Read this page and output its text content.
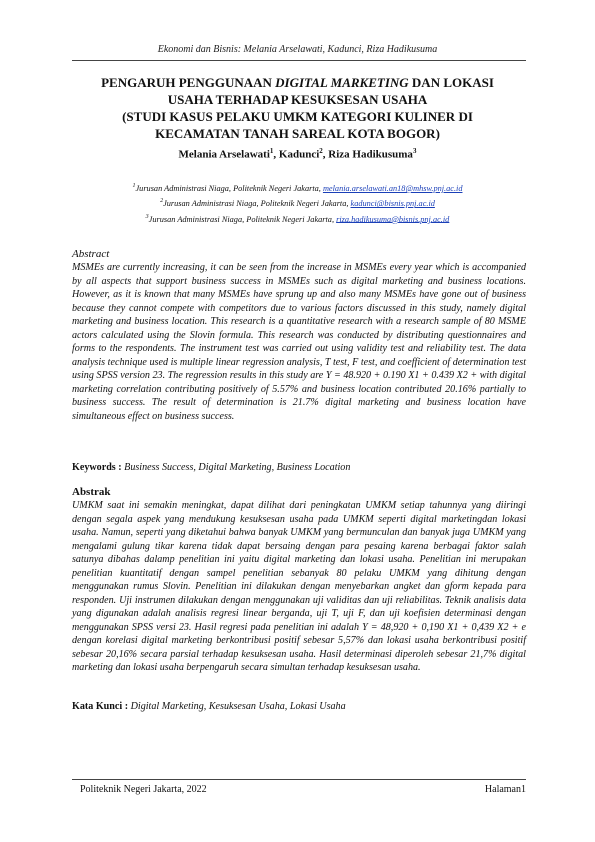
Ekonomi dan Bisnis: Melania Arselawati, Kadunci, Riza Hadikusuma
PENGARUH PENGGUNAAN DIGITAL MARKETING DAN LOKASI
USAHA TERHADAP KESUKSESAN USAHA
(STUDI KASUS PELAKU UMKM KATEGORI KULINER DI
KECAMATAN TANAH SAREAL KOTA BOGOR)
Melania Arselawati$^1$, Kadunci$^2$, Riza Hadikusuma$^3$
$^1$Jurusan Administrasi Niaga, Politeknik Negeri Jakarta, melania.arselawati.an18@mhsw.pnj.ac.id
$^2$Jurusan Administrasi Niaga, Politeknik Negeri Jakarta, kadunci@bisnis.pnj.ac.id
$^3$Jurusan Administrasi Niaga, Politeknik Negeri Jakarta, riza.hadikusuma@bisnis.pnj.ac.id
Abstract
MSMEs are currently increasing, it can be seen from the increase in MSMEs every year which is accompanied by all aspects that support business success in MSMEs such as digital marketing and business locations. However, as it is known that many MSMEs have sprung up and also many MSMEs have gone out of business because they cannot compete with competitors due to various factors discussed in this study, namely digital marketing and business location. This research is a quantitative research with a research sample of 80 MSME actors calculated using the Slovin formula. This research was conducted by distributing questionnaires and forms to the respondents. The instrument test was carried out using validity test and reliability test. The data analysis technique used is multiple linear regression analysis, T test, F test, and coefficient of determination test using SPSS version 23. The regression results in this study are Y = 48.920 + 0.190 X1 + 0.439 X2 + with digital marketing correlation contributing positively of 5.57% and business location contributed 20.16% partially to business success. The result of determination is 21.7% digital marketing and business location have simultaneous effect on business success.
Keywords : Business Success, Digital Marketing, Business Location
Abstrak
UMKM saat ini semakin meningkat, dapat dilihat dari peningkatan UMKM setiap tahunnya yang diiringi dengan segala aspek yang mendukung kesuksesan usaha pada UMKM seperti digital marketingdan lokasi usaha. Namun, seperti yang diketahui bahwa banyak UMKM yang bermunculan dan banyak juga UMKM yang mengalami gulung tikar karena tidak dapat bersaing dengan para pesaing karena berbagai faktor salah satunya dibahas dalamp penelitian ini yaitu digital marketing dan lokasi usaha. Penelitian ini merupakan penelitian kuantitatif dengan sampel penelitian sebanyak 80 pelaku UMKM yang dihitung dengan menggunakan rumus Slovin. Penelitian ini dilakukan dengan menyebarkan angket dan gform kepada para responden. Uji instrumen dilakukan dengan menggunakan uji validitas dan uji reliabilitas. Teknik analisis data yang digunakan adalah analisis regresi linear berganda, uji T, uji F, dan uji koefisien determinasi dengan menggunakan SPSS versi 23. Hasil regresi pada penelitian ini adalah Y = 48,920 + 0,190 X1 + 0,439 X2 + e dengan korelasi digital marketing berkontribusi positif sebesar 5,57% dan lokasi usaha berkontribusi positif sebesar 20,16% secara parsial terhadap kesuksesan usaha. Hasil determinasi diperoleh sebesar 21,7% digital marketing dan lokasi usaha berpengaruh secara simultan terhadap kesuksesan usaha.
Kata Kunci : Digital Marketing, Kesuksesan Usaha, Lokasi Usaha
Politeknik Negeri Jakarta, 2022	Halaman1
